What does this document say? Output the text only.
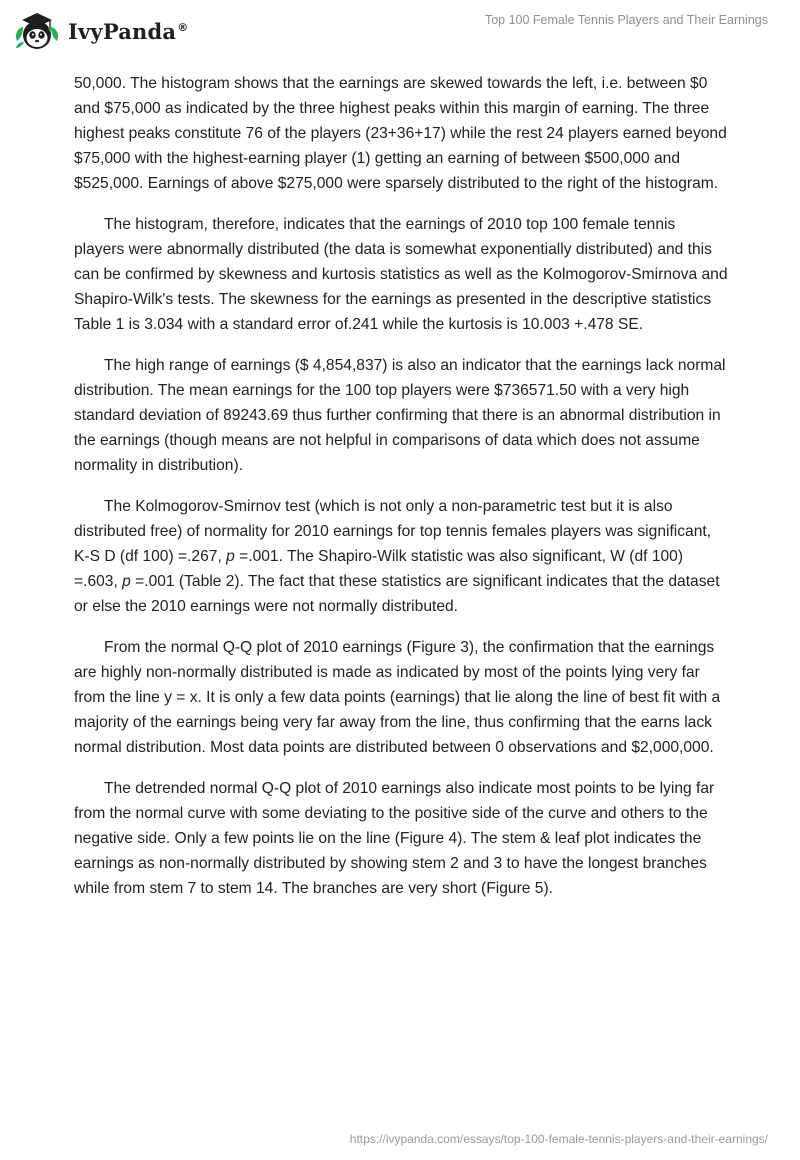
IvyPanda®	Top 100 Female Tennis Players and Their Earnings

50,000. The histogram shows that the earnings are skewed towards the left, i.e. between $0 and $75,000 as indicated by the three highest peaks within this margin of earning. The three highest peaks constitute 76 of the players (23+36+17) while the rest 24 players earned beyond $75,000 with the highest-earning player (1) getting an earning of between $500,000 and $525,000. Earnings of above $275,000 were sparsely distributed to the right of the histogram.

The histogram, therefore, indicates that the earnings of 2010 top 100 female tennis players were abnormally distributed (the data is somewhat exponentially distributed) and this can be confirmed by skewness and kurtosis statistics as well as the Kolmogorov-Smirnova and Shapiro-Wilk's tests. The skewness for the earnings as presented in the descriptive statistics Table 1 is 3.034 with a standard error of.241 while the kurtosis is 10.003 +.478 SE.

The high range of earnings ($ 4,854,837) is also an indicator that the earnings lack normal distribution. The mean earnings for the 100 top players were $736571.50 with a very high standard deviation of 89243.69 thus further confirming that there is an abnormal distribution in the earnings (though means are not helpful in comparisons of data which does not assume normality in distribution).

The Kolmogorov-Smirnov test (which is not only a non-parametric test but it is also distributed free) of normality for 2010 earnings for top tennis females players was significant, K-S D (df 100) =.267, p =.001. The Shapiro-Wilk statistic was also significant, W (df 100) =.603, p =.001 (Table 2). The fact that these statistics are significant indicates that the dataset or else the 2010 earnings were not normally distributed.

From the normal Q-Q plot of 2010 earnings (Figure 3), the confirmation that the earnings are highly non-normally distributed is made as indicated by most of the points lying very far from the line y = x. It is only a few data points (earnings) that lie along the line of best fit with a majority of the earnings being very far away from the line, thus confirming that the earns lack normal distribution. Most data points are distributed between 0 observations and $2,000,000.

The detrended normal Q-Q plot of 2010 earnings also indicate most points to be lying far from the normal curve with some deviating to the positive side of the curve and others to the negative side. Only a few points lie on the line (Figure 4). The stem & leaf plot indicates the earnings as non-normally distributed by showing stem 2 and 3 to have the longest branches while from stem 7 to stem 14. The branches are very short (Figure 5).

https://ivypanda.com/essays/top-100-female-tennis-players-and-their-earnings/
